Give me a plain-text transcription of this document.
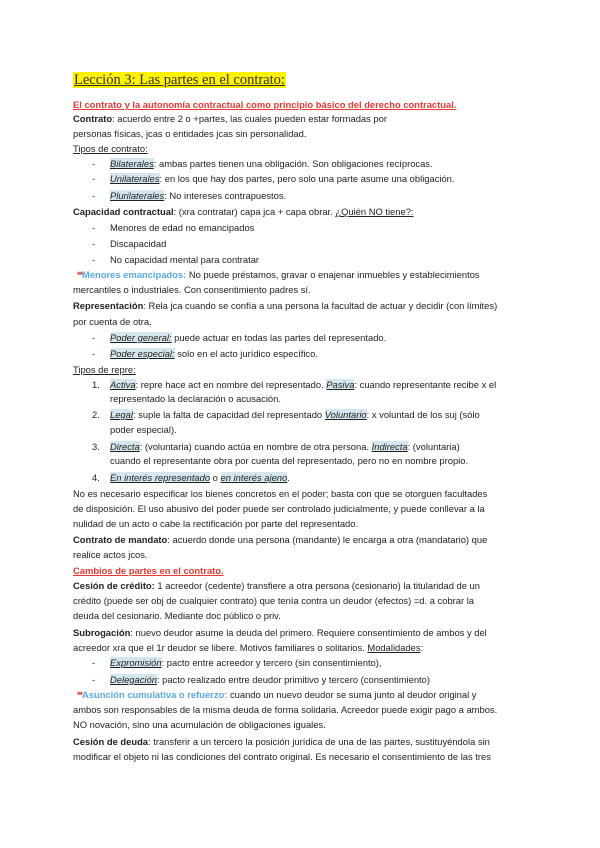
Lección 3: Las partes en el contrato:
El contrato y la autonomía contractual como principio básico del derecho contractual.
Contrato: acuerdo entre 2 o +partes, las cuales pueden estar formadas por
personas físicas, jcas o entidades jcas sin personalidad.
Tipos de contrato:
- Bilaterales: ambas partes tienen una obligación. Son obligaciones recíprocas.
- Unilaterales: en los que hay dos partes, pero solo una parte asume una obligación.
- Plurilaterales: No intereses contrapuestos.
Capacidad contractual: (xra contratar) capa jca + capa obrar. ¿Quién NO tiene?:
- Menores de edad no emancipados
- Discapacidad
- No capacidad mental para contratar
**Menores emancipados: No puede préstamos, gravar o enajenar inmuebles y establecimientos
mercantiles o industriales. Con consentimiento padres sí.
Representación: Rela jca cuando se confía a una persona la facultad de actuar y decidir (con límites)
por cuenta de otra.
- Poder general: puede actuar en todas las partes del representado.
- Poder especial: solo en el acto jurídico específico.
Tipos de repre:
1. Activa: repre hace act en nombre del representado. Pasiva: cuando representante recibe x el
representado la declaración o acusación.
2. Legal: suple la falta de capacidad del representado Voluntario: x voluntad de los suj (sólo
poder especial).
3. Directa: (voluntaria) cuando actúa en nombre de otra persona. Indirecta: (voluntaria)
cuando el representante obra por cuenta del representado, pero no en nombre propio.
4. En interés representado o en interés ajeno.
No es necesario especificar los bienes concretos en el poder; basta con que se otorguen facultades
de disposición. El uso abusivo del poder puede ser controlado judicialmente, y puede conllevar a la
nulidad de un acto o cabe la rectificación por parte del representado.
Contrato de mandato: acuerdo donde una persona (mandante) le encarga a otra (mandatario) que
realice actos jcos.
Cambios de partes en el contrato.
Cesión de crédito: 1 acreedor (cedente) transfiere a otra persona (cesionario) la titularidad de un
crédito (puede ser obj de cualquier contrato) que tenía contra un deudor (efectos) =d. a cobrar la
deuda del cesionario. Mediante doc público o priv.
Subrogación: nuevo deudor asume la deuda del primero. Requiere consentimiento de ambos y del
acreedor xra que el 1r deudor se libere. Motivos familiares o solitarios. Modalidades:
- Expromisión: pacto entre acreedor y tercero (sin consentimiento),
- Delegación: pacto realizado entre deudor primitivo y tercero (consentimiento)
**Asunción cumulativa o refuerzo: cuando un nuevo deudor se suma junto al deudor original y
ambos son responsables de la misma deuda de forma solidaria. Acreedor puede exigir pago a ambos.
NO novación, sino una acumulación de obligaciones iguales.
Cesión de deuda: transferir a un tercero la posición jurídica de una de las partes, sustituyéndola sin
modificar el objeto ni las condiciones del contrato original. Es necesario el consentimiento de las tres
